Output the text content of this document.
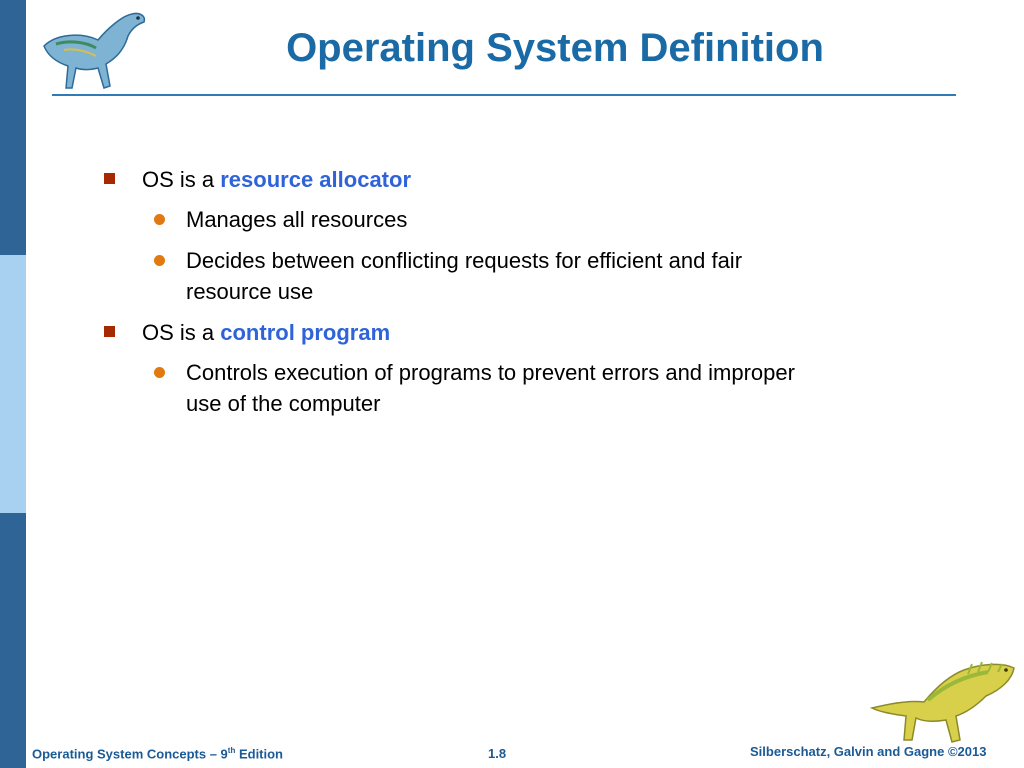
Operating System Definition
OS is a resource allocator
Manages all resources
Decides between conflicting requests for efficient and fair resource use
OS is a control program
Controls execution of programs to prevent errors and improper use of the computer
Operating System Concepts – 9th Edition	1.8	Silberschatz, Galvin and Gagne ©2013
